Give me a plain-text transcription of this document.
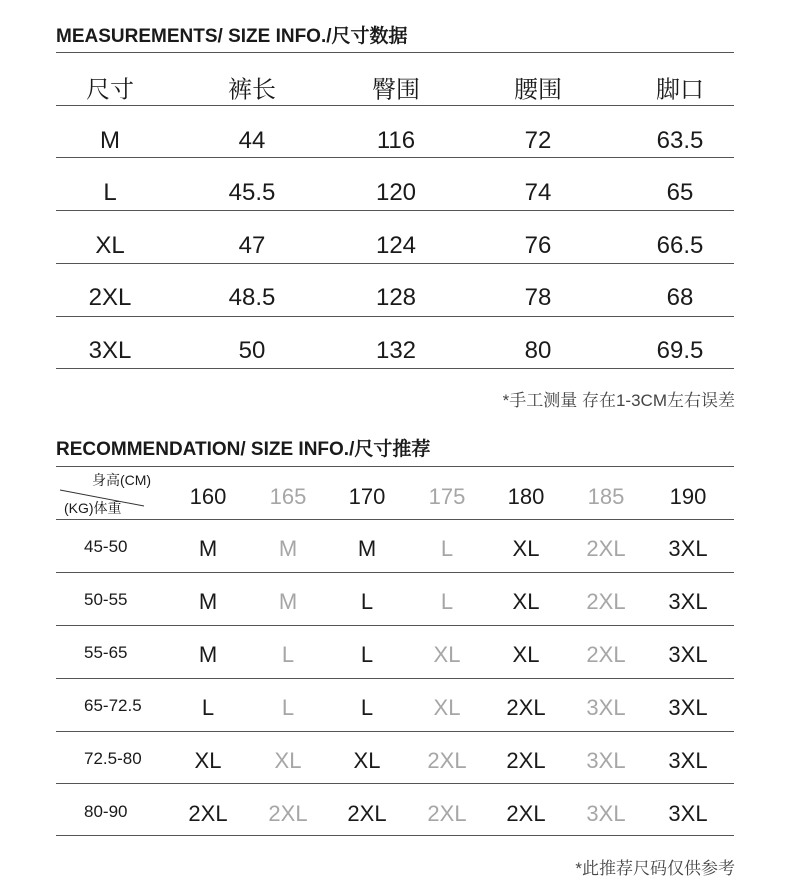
MEASUREMENTS/ SIZE INFO./尺寸数据
尺寸	裤长	臀围	腰围	脚口
M	44	116	72	63.5
L	45.5	120	74	65
XL	47	124	76	66.5
2XL	48.5	128	78	68
3XL	50	132	80	69.5
*手工测量 存在1-3CM左右误差
RECOMMENDATION/ SIZE INFO./尺寸推荐
身高(CM)
(KG)体重	160 165 170 175 180 185 190
45-50	M	M	M	L	XL 2XL 3XL
50-55	M	M	L	L	XL 2XL 3XL
55-65	M	L	L	XL XL 2XL 3XL
65-72.5	L	L	L	XL 2XL 3XL 3XL
72.5-80 XL XL XL 2XL 2XL 3XL 3XL
80-90	2XL 2XL 2XL 2XL 2XL 3XL 3XL
*此推荐尺码仅供参考
